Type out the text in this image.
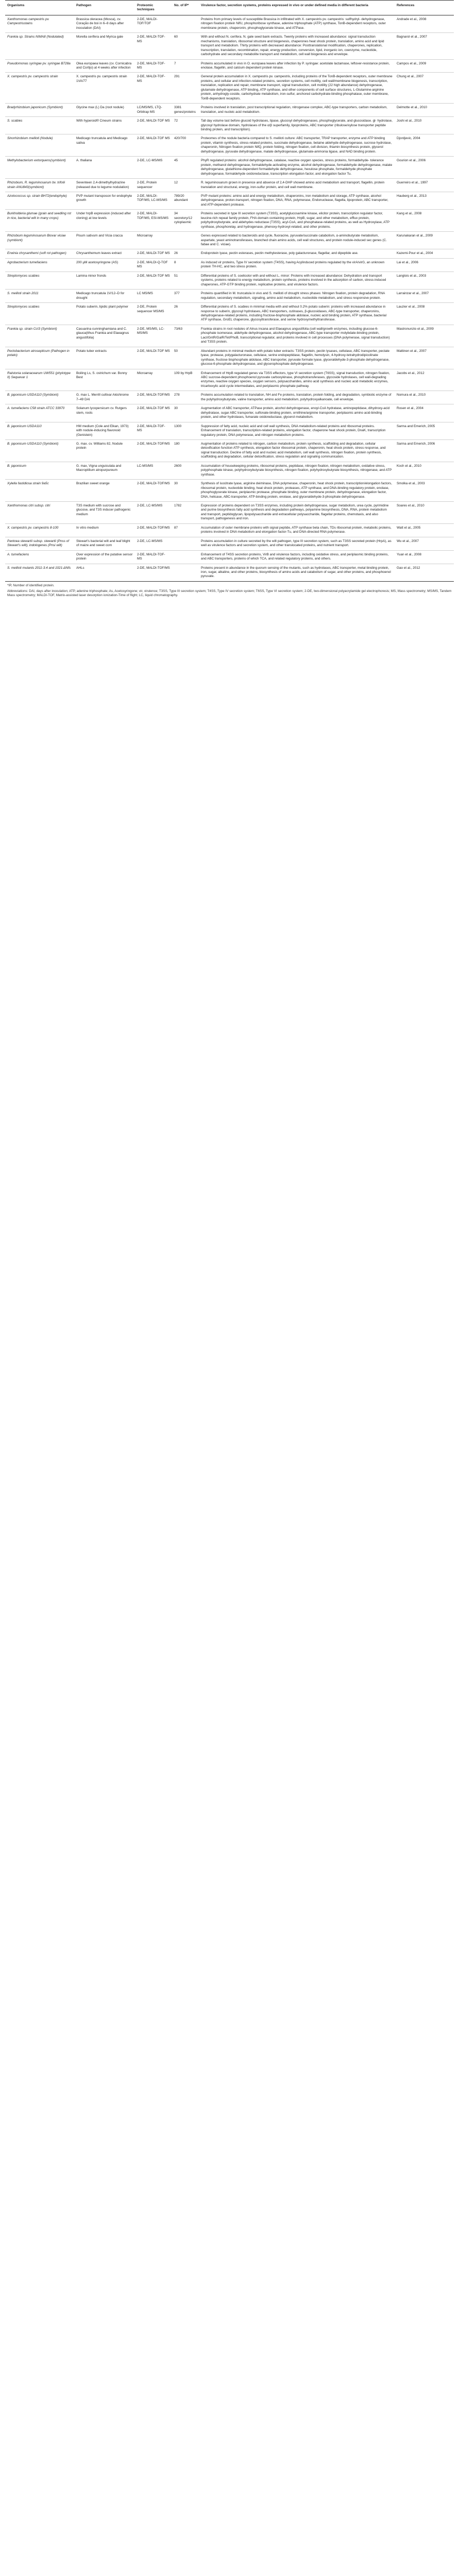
Organisms	Pathogen	Proteomic techniques	No. of IP*	Virulence factor, secretion systems, proteins expressed in vivo or under defined media in different bacteria	References
Xanthomonas campestris pv. Campestrisstains	Brassica oleracea (Mosca), cv. Coração de boi in 6–8 days after inoculation (DAI)	2-DE, MALDI-TOF/TOF		Proteins from primary levels of susceptible Brassica in infiltrated with X. campestris pv. campestris: sulfhydryl- dehydrogenase, nitrogen fixation protein NifU, phosphoribose synthase, adenine triphosphate (ATP) synthase, TonB-dependent receptors, outer membrane protein, chaperonin, phosphoglycerate kinase, and ATPase.	Andrade et al., 2008
Frankia sp. Strains NIMA8 (Nodulated)	Morella cerifera and Myrica gale	2-DE, MALDI-TOF-MS	60	With and without N. cerifera. N. gale seed bank extracts. Twenty proteins with increased abundance: signal transduction mechanisms, translation, ribosomal structure and biogenesis, chaperones heat shock protein, translation, amino acid and lipid transport and metabolism. Thirty proteins with decreased abundance: Posttranslational modification, chaperones, replication, transcription, translation, recombination, repair, energy production, conversion, lipid, inorganic ion, coenzyme, nucleotide, carbohydrate and secondary metabolite transport and metabolism, cell wall biogenesis and envelope.	Bagnarol et al., 2007
Pseudomonas syringae pv. syringae B728a	Olea europaea leaves (cv. Cornicabra and Cortijo) at 4 weeks after infection	2-DE, MALDI-TOF-MS	7	Proteins accumulated in vivo in O. europaea leaves after infection by P. syringae: acetolate lactamase, leftover-resistance protein, enolase, flagellin, and calcium dependent protein kinase.	Campos et al., 2009
X. campestris pv. campestris strain	X. campestris pv. campestris strain 1VA/77	2-DE, MALDI-TOF-MS	291	General protein accumulation in X. campestris pv. campestris, including proteins of the TonB-dependent receptors, outer membrane proteins, and cellular and infection-related proteins, secretion systems, cell motility, cell wall/membrane biogenesis, transcription, translation, replication and repair, membrane transport, signal transduction, cell motility (22 high abundance) dehydrogenase, glutamate dehydrogenase, ATP binding, ATP synthase, and other components of cell surface structures, L-Glutamine-arginine protein, anhydrogly-coside, carbohydrate metabolism, iron-sulfur, anchored carbohydrate-binding phosphatase, outer membrane, TonB-dependent receptors.	Chung et al., 2007
Bradyrhizobium japonicum (Symbiont)	Glycine max (L) Da (root nodule)	LC/MS/MS, LTQ-Orbitrap MS	3381 genes/proteins	Proteins involved in translation, post transcriptional regulation, nitrogenase complex, ABC-type transporters, carbon metabolism, translation, and nucleic acid metabolism.	Delmotte et al., 2010
S. scabies	With hyperoid® Cineum strains	2-DE, MALDI-TOF MS	72	Tall day volume last before glucoid hydrolases, lipase, glucosyl dehydrogenases, phosphoglycerate, and glucosidase. gl- hydrolase, glycosyl hydrolase domain, hydrolases of the α/β superfamily, lipoproteins, ABC transporter (ribulose/xylose transporter peptide binding protein, and transcription).	Joshi et al., 2010
Sinorhizobium meliloti (Nodule)	Medicago truncatula and Medicago sativa	2-DE, MALDI-TOF MS	420/700	Proteomes of the nodule bacteria compared to S. meliloti culture: ABC transporter, TRAP transporter, enzyme and ATP binding protein, vitamin synthesis, stress-related proteins, succinate dehydrogenase, betaine aldehyde dehydrogenase, sucrose hydrolase, chaperonin, Nitrogen fixation protein NifQ, protein folding, nitrogen fixation, cell division, thiamin biosynthesis protein, glycerol dehydrogenase, pyruvate dehydrogenase, malate dehydrogenase, glutamate-ammonia ligase, and NAD binding protein.	Djordjevic, 2004
Methylobacterium extorquens(symbiont)	A. thaliana	2-DE, LC-MS/MS	45	PhyR regulated proteins: alcohol dehydrogenase, catalase, reactive oxygen species, stress proteins, formaldehyde- tolerance protein, methanol dehydrogenase, formaldehyde-activating enzyme, alcohol dehydrogenase, formaldehyde dehydrogenase, malate dehydrogenase, glutathione-dependent formaldehyde dehydrogenase, hexulose phosphate, formaldehyde phosphate dehydrogenase, formaldehyde oxidoreductase, transcription elongation factor, and elongation factor Tu.	Gourion et al., 2006
Rhizobium, R. leguminosarum bv. trifolii strain ANU843(symbiont)	Seventeen 2,4-dimethylhydrazine (released due to legume nodulation)	2-DE, Protein sequencer	12	R. leguminosarum grown in presence and absence of 2,4-DHP showed amino acid metabolism and transport, flagellin, protein translation and structural, energy, iron-sulfur protein, and cell wall membrane.	Guerreiro et al., 1997
Azotococcus sp. strain BH72(endophyte)	PVP mutant transposon for endophyte growth	2-DE, MALDI-TOF/MS, LC-MS/MS	789/20 abundant	PVP mutant proteins: amino acid and energy metabolism, chaperonins, iron metabolism and storage, ATP synthase, alcohol dehydrogenase, proton-transport, nitrogen fixation, DNA, RNA, polymerase, Endonuclease, flagella, lipoprotein, ABC transporter, and ATP-dependent protease.	Hauberg et al., 2013
Burkholderia glumae (grain and seedling rot in rice, bacterial wilt in many crops)	Under hrpB expression (induced after cloning) at low levels	2-DE, MALDI-TOF/MS, ESI-MS/MS	34 secretory/12 cytoplasmic	Proteins secreted in type III secretion system (T3SS), acetylglucosamine kinase, elicitor protein, transcription regulator factor, leucine-rich repeat family protein, FHA domain containing protein, HrpB, sugar, and other metabolism, efflux protein, polyhydroxybutyrate, and aldehydes reductase (T3SS), acyl-CoA, and phosphatase-related proteins, as well as Hydroxylase, ATP synthase, phosphorelay, and hydrogenase, phenoxy-hydroxyl-related, and other proteins.	Kang et al., 2008
Rhizobium leguminosarum Biovar viciae (symbiont)	Pisum sativum and Vicia cracca	Microarray		Genes expressed related to bacteroids and cycle, fluoracine, pyruvate/succinate catabolism, α-aminobutyrate metabolism, aspartate, yeast aminotransferases, branched chain amino acids, cell wall structures, and protein nodule-induced sec genes (C. fabae and C. viciae).	Karunakaran et al., 2009
Erwinia chrysanthemi (soft rot pathogen)	Chrysanthemum leaves extract	2-DE, MALDI-TOF MS	26	Endoprotein lyase, pectin esterases, pectin methylesterase, poly galacturonase, flagellar, and dipeptide ase.	Kazemi-Pour et al., 2004
Agrobacterium tumefaciens	200 μM acetosyringone (AS)	2-DE, MALDI-Q-TOF MS	8	As induced vir proteins, Type IV secretion system (T4SS), having Acylinduced proteins regulated by the virA/virG, an unknown protein TH-HC, and two stress protein.	Lai et al., 2006
Streptomyces scabies	Lamina minor fronds	2-DE, MALDI-TOF MS	51	Differential proteins of S. coelicolor with and without L. minor: Proteins with increased abundance: Dehydration and transport systems, proteins related to energy metabolism, protein synthesis, proteins involved in the adsorption of carbon, stress-induced chaperones, ATP-GTP binding protein, replicative proteins, and virulence factors.	Langlois et al., 2003
S. meliloti strain 2011	Medicago truncatula 1V/12–D for drought	LC MS/MS	377	Proteins quantified in M. truncatula in vivo and S. meliloti of drought stress phases: Nitrogen fixation, protein degradation, RNA regulation, secondary metabolism, signaling, amino acid metabolism, nucleotide metabolism, and stress responsive protein.	Larrainzar et al., 2007
Streptomyces scabies	Potato suberin, lipidic plant polymer	2-DE, Protein sequencer MS/MS	26	Differential proteins of S. scabies in minimal media with and without 0.2% potato suberin: proteins with increased abundance in response to suberin, glycosyl hydrolases, ABC transporters, cutinases, β-glucosidases, ABC-type transporter, chaperonins, dehydrogenase-related proteins, including fructose-bisphosphate aldolase, nucleic acid binding protein, ATP synthase, bacterial ATP synthase, GroEL chaperone, glycosyltransferase, and serine hydroxymethyltransferase.	Lauzier et al., 2008
Frankia sp. strain CcI3 (Symbiont)	Casuarina cunninghamiana and C. glauca(tthus Frankia and Elaeagnus angustifolia)	2-DE, MS/MS, LC-MS/MS	73/63	Frankia strains in root nodules of Alnus incana and Elaeagnus angustifolia (cell wall/growth enzymes, including glucose-6-phosphate isomerase, aldehyde dehydrogenase, alcohol dehydrogenase, ABC-type transporter molybdate-binding protein, LacI/GntR/GalR/Tet/PhoB, transcriptional regulator, and proteins involved in cell processes (DNA polymerase, signal transduction) and T3SS protein.	Mastronunzio et al., 2009
Pectobacterium atrosepticum (Pathogen in potato)	Potato tuber extracts	2-DE, MALDI-TOF MS	50	Abundant proteins in minimal medium with potato tuber extracts: T3SS protein, pectin lysases, cellulase, ABC transporter, pectate lyase, protease, polygalacturonase, cellulase, serine endopeptidase, flagellin, hemolysin, 4-hydroxy-tetrahydrodipicolinate synthase, fructose bisphosphate aldolase, ABC transporter, pyruvate formate lyase, glyceraldehyde-3-phosphate dehydrogenase, glucose-6-phosphate dehydrogenase, and glycerophosphate dehydrogenase.	Mattinen et al., 2007
Ralstonia solanacearum UW551 (phylotype II) Sequevar 1	Boiling Ls, S. ostrichum var. Bonny Best	Microarray	109 by HrpB	Enhancement of HrpB regulated genes via T3SS effectors, type VI secretion system (T6SS), signal transduction, nitrogen fixation, ABC sucrose-dependent phosphoenol pyruvate carboxykinase, phosphotransferases, glycoside hydrolases, cell wall-degrading enzymes, reactive oxygen species, oxygen sensors, polysaccharides, amino acid synthesis and nucleic acid metabolic enzymes, tricarboxylic acid cycle intermediates, and periplasmic phosphate pathway.	Jacobs et al., 2012
B. japonicum USDA110 (Symbiont)	G. max L. Merrill cultivar Akishirome 7–49 DAI	2-DE, MALDI-TOF/MS	278	Proteins accumulation related to translation, NH and Fe proteins, translation, protein folding, and degradation, symbiotic enzyme of the polyhydroxybutyrate, valine transporter, amino acid metabolism, polyhydroxyalkanoate, cell envelope.	Nomura et al., 2010
A. tumefaciens C58 strain ATCC 33970	Solanum lycopersicum cv. Rutgers stem, roots	2-DE, MALDI-TOF MS	30	Augmentation of ABC transporter, ATPase protein, alcohol dehydrogenase, enoyl-CoA hydratase, aminopeptidase, dihydroxy-acid dehydratase, sugar ABC transporter, sulfonate-binding protein, ornithine/arginine transporter, periplasmic amino acid-binding protein, and other hydrolases, fumarate oxidoreductase, glycerol metabolism.	Rosen et al., 2004
B. japonicum USDA110	HM medium (Cole and Elkan, 1973) with nodule-inducing flavonoid (Genistein)	2-DE, MALDI-TOF-MS	1300	Suppression of fatty acid, nucleic acid and cell wall synthesis, DNA metabolism-related proteins and ribosomal proteins. Enhancement of translation, transcription-related proteins, elongation factor, chaperone heat shock protein, DnaK, transcription regulatory protein, DNA polymerase, and nitrogen metabolism proteins.	Sarma and Emerich, 2005
B. japonicum USDA110 (Symbiont)	G. max. cv. Williams 82, Nodule protein	2-DE, MALDI-TOF/MS	180	Augmentation of proteins related to nitrogen, carbon metabolism, protein synthesis, scaffolding and degradation, cellular detoxification function ATP synthesis, elongation factor ribosomal protein, chaperonin, heat shock protein, stress response, and signal transduction. Decline of fatty acid and nucleic acid metabolism, cell wall synthesis, nitrogen fixation, protein synthesis, scaffolding and degradation, cellular detoxification, stress regulation and signaling communication.	Sarma and Emerich, 2006
B. japonicum	G. max, Vigna unguiculata and Macroptilium atropurpureum	LC-MS/MS	2600	Accumulation of housekeeping proteins, ribosomal proteins, peptidase, nitrogen fixation, nitrogen metabolism, oxidative stress, polyphosphate kinase, polyhydroxybutyrate biosynthesis, nitrogen fixation, polyhydroxybutyrate biosynthesis, nitrogenase, and ATP synthase.	Koch et al., 2010
Xylella fastidiosa strain 9a5c	Brazilian sweet orange	2-DE, MALDI-TOF/MS	30	Synthesis of isocitrate lyase, arginine deiminase, DNA polymerase, chaperonin, heat shock protein, transcription/elongation factors, ribosomal protein, nucleotide binding, heat shock protein, proteases, ATP synthase, and DNA-binding regulatory protein, enolase, phosphoglycerate kinase, periplasmic protease, phosphate binding, outer membrane protein, dehydrogenase, elongation factor, DNA, helicase, ABC-transporter, ATP-binding protein, enolase, and glyceraldehyde-3-phosphate dehydrogenase.	Smolka et al., 2003
Xanthomonas citri subsp. citri	T3S medium with sucrose and glucose, and T3S inducer pathogenic medium	2-DE, LC-MS/MS	1782	Expression of proteins dependent on T3SS enzymes, including protein dehydrogenase, sugar metabolism, urea cycle, pyrimidine and purine biosynthesis fatty acid synthesis and degradation pathways, polyamine biosynthesis, DNA, RNA, protein metabolism and transport, peptidoglycan, lipopolysaccharide and extracellular polysaccharide, flagellar proteins, chemotaxis, and also transport, pathogenesis and iron.	Soares et al., 2010
X. campestris pv. campestris 8-100	In vitro medium	2-DE, MALDI-TOF/MS	87	Accumulation of outer membrane proteins with signal peptide, ATP synthase beta chain, TDs ribosomal protein, metabolic proteins, proteins involved in DNA metabolism and elongation factor-Tu, and DNA-directed RNA polymerase.	Watt et al., 2005
Pantoea stewartii subsp. stewartii (Pnss of Stewart's wilt), indologenes (Pnsi wilt)	Stewart's bacterial wilt and leaf blight of maize and sweet corn	2-DE, LC-MS/MS		Proteins accumulation in culture secreted by the wilt pathogen, type III secretion system, such as T3SS secreted protein (HrpA), as well as virulence factors and secretion system, and other translocated proteins, and nutrient transport.	Wu et al., 2007
A. tumefaciens	Over expression of the putative sensor protein	2-DE, MALDI-TOF-MS		Enhancement of T4SS secretion proteins, VirB and virulence factors, including oxidative stress, and periplasmic binding proteins, and ABC transporters, proteins of which TCA, and related regulatory proteins, and others.	Yuan et al., 2008
S. meliloti mutants 2011-3.4 and 1021-ΔNfs	AHLs	2-DE, MALDI-TOF/MS		Proteins present in abundance in the quorum sensing of the mutants, such as hydrolases, ABC transporter, metal binding protein, iron, sugar, alkaline, and other proteins, biosynthesis of amino acids and catabolism of sugar, and other proteins, and phosphoenol pyruvate.	Gao et al., 2012

*IP, Number of identified protein.

Abbreviations: DAI, days after inoculation; ATP, adenine triphosphate; As, Acetosyringone; vir, virulence; T3SS, Type III secretion system; T4SS, Type IV secretion system; T6SS, Type VI secretion system; 2-DE, two-dimensional polyacrylamide gel electrophoresis; MS, Mass spectrometry; MS/MS, Tandem Mass spectrometry; MALDI-TOF, Matrix-assisted laser desorption ionization-Time of flight; LC, liquid chromatography.
